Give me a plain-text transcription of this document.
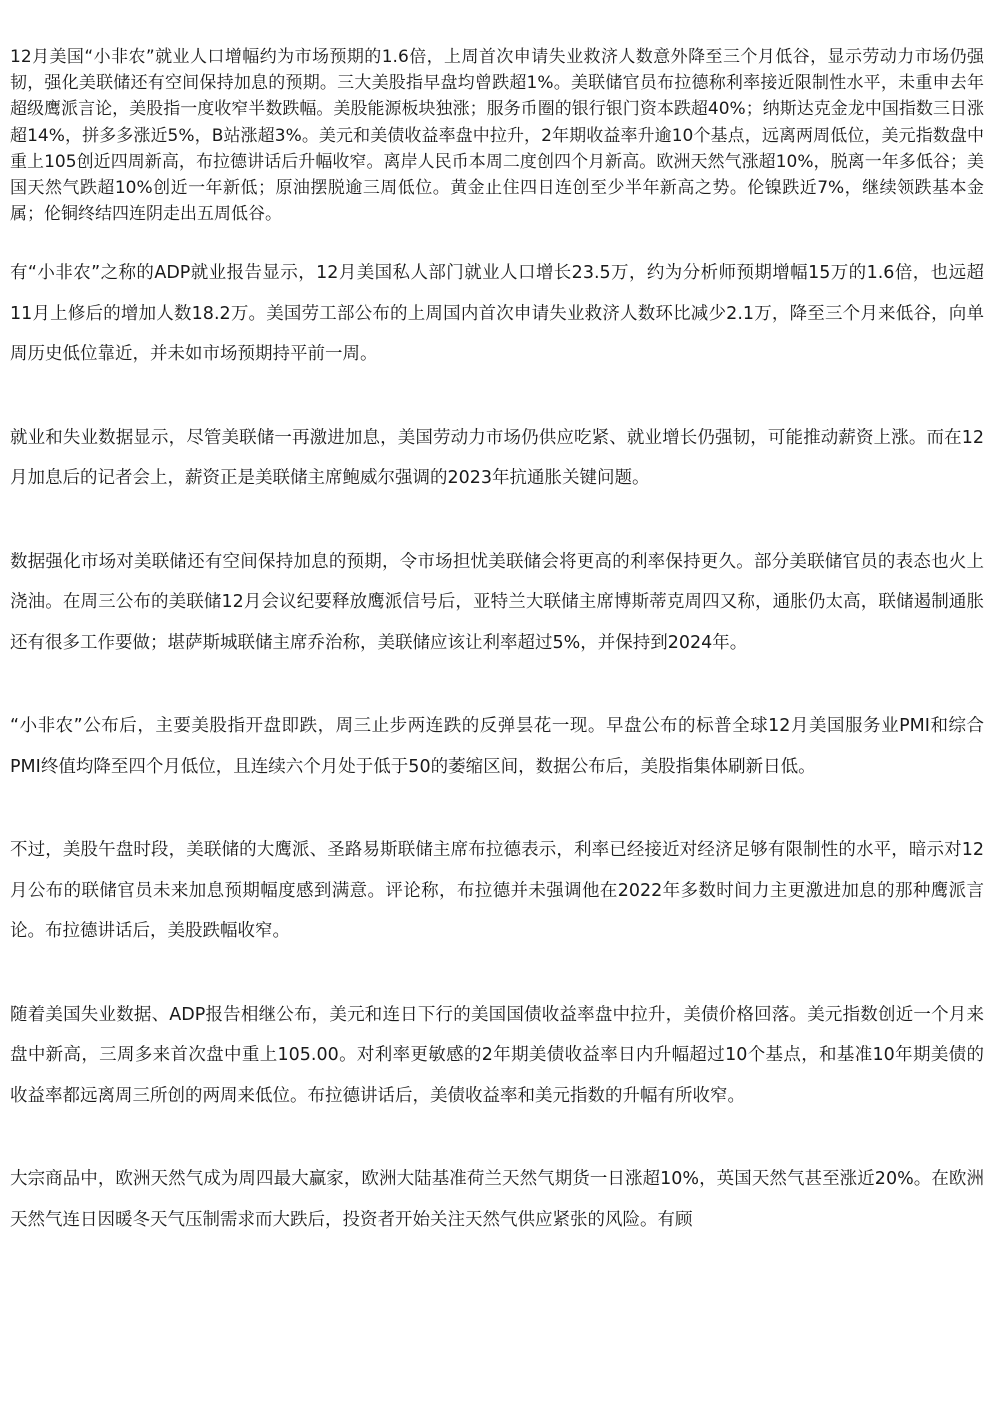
12月美国“小非农”就业人口增幅约为市场预期的1.6倍，上周首次申请失业救济人数意外降至三个月低谷，显示劳动力市场仍强韧，强化美联储还有空间保持加息的预期。三大美股指早盘均曾跌超1%。美联储官员布拉德称利率接近限制性水平，未重申去年超级鹰派言论，美股指一度收窄半数跌幅。美股能源板块独涨；服务币圈的银行银门资本跌超40%；纳斯达克金龙中国指数三日涨超14%，拼多多涨近5%，B站涨超3%。美元和美债收益率盘中拉升，2年期收益率升逾10个基点，远离两周低位，美元指数盘中重上105创近四周新高，布拉德讲话后升幅收窄。离岸人民币本周二度创四个月新高。欧洲天然气涨超10%，脱离一年多低谷；美国天然气跌超10%创近一年新低；原油摆脱逾三周低位。黄金止住四日连创至少半年新高之势。伦镍跌近7%，继续领跌基本金属；伦铜终结四连阴走出五周低谷。

有“小非农”之称的ADP就业报告显示，12月美国私人部门就业人口增长23.5万，约为分析师预期增幅15万的1.6倍，也远超11月上修后的增加人数18.2万。美国劳工部公布的上周国内首次申请失业救济人数环比减少2.1万，降至三个月来低谷，向单周历史低位靠近，并未如市场预期持平前一周。

就业和失业数据显示，尽管美联储一再激进加息，美国劳动力市场仍供应吃紧、就业增长仍强韧，可能推动薪资上涨。而在12月加息后的记者会上，薪资正是美联储主席鲍威尔强调的2023年抗通胀关键问题。

数据强化市场对美联储还有空间保持加息的预期，令市场担忧美联储会将更高的利率保持更久。部分美联储官员的表态也火上浇油。在周三公布的美联储12月会议纪要释放鹰派信号后，亚特兰大联储主席博斯蒂克周四又称，通胀仍太高，联储遏制通胀还有很多工作要做；堪萨斯城联储主席乔治称，美联储应该让利率超过5%，并保持到2024年。

“小非农”公布后，主要美股指开盘即跌，周三止步两连跌的反弹昙花一现。早盘公布的标普全球12月美国服务业PMI和综合PMI终值均降至四个月低位，且连续六个月处于低于50的萎缩区间，数据公布后，美股指集体刷新日低。

不过，美股午盘时段，美联储的大鹰派、圣路易斯联储主席布拉德表示，利率已经接近对经济足够有限制性的水平，暗示对12月公布的联储官员未来加息预期幅度感到满意。评论称，布拉德并未强调他在2022年多数时间力主更激进加息的那种鹰派言论。布拉德讲话后，美股跌幅收窄。

随着美国失业数据、ADP报告相继公布，美元和连日下行的美国国债收益率盘中拉升，美债价格回落。美元指数创近一个月来盘中新高，三周多来首次盘中重上105.00。对利率更敏感的2年期美债收益率日内升幅超过10个基点，和基准10年期美债的收益率都远离周三所创的两周来低位。布拉德讲话后，美债收益率和美元指数的升幅有所收窄。

大宗商品中，欧洲天然气成为周四最大赢家，欧洲大陆基准荷兰天然气期货一日涨超10%，英国天然气甚至涨近20%。在欧洲天然气连日因暖冬天气压制需求而大跌后，投资者开始关注天然气供应紧张的风险。有顾
